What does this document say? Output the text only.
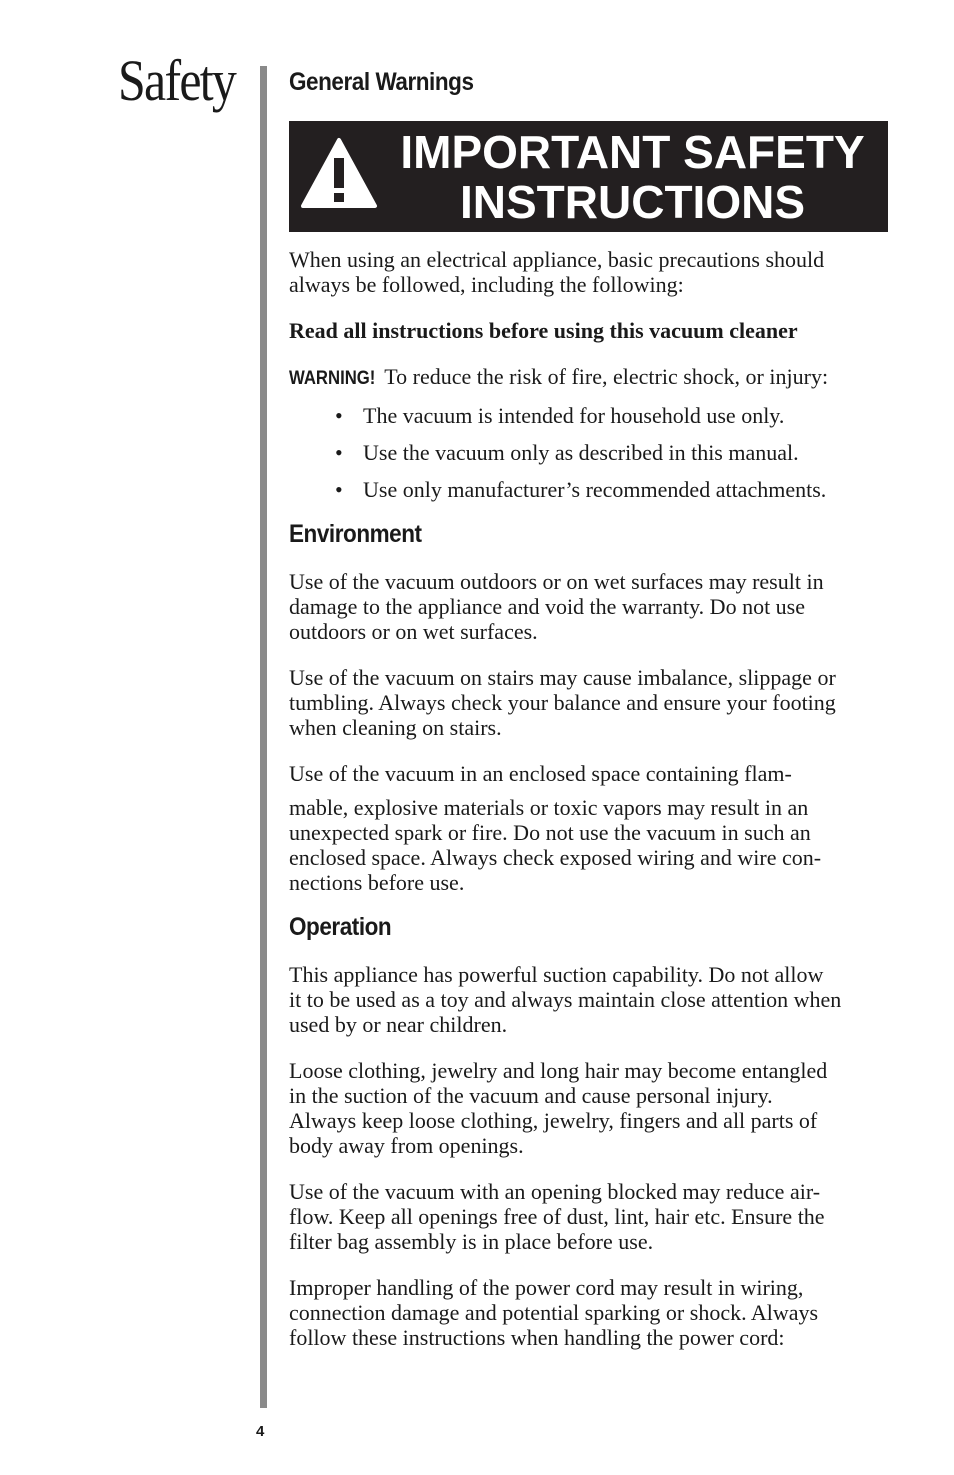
Safety
4
General Warnings
IMPORTANT SAFETY
INSTRUCTIONS

When using an electrical appliance, basic precautions should
always be followed, including the following:

Read all instructions before using this vacuum cleaner

WARNING! To reduce the risk of fire, electric shock, or injury:

• The vacuum is intended for household use only.
• Use the vacuum only as described in this manual.
• Use only manufacturer’s recommended attachments.
Environment

Use of the vacuum outdoors or on wet surfaces may result in
damage to the appliance and void the warranty. Do not use
outdoors or on wet surfaces.

Use of the vacuum on stairs may cause imbalance, slippage or
tumbling. Always check your balance and ensure your footing
when cleaning on stairs.

Use of the vacuum in an enclosed space containing flam-

mable, explosive materials or toxic vapors may result in an
unexpected spark or fire. Do not use the vacuum in such an
enclosed space. Always check exposed wiring and wire con-
nections before use.

Operation

This appliance has powerful suction capability. Do not allow
it to be used as a toy and always maintain close attention when
used by or near children.

Loose clothing, jewelry and long hair may become entangled
in the suction of the vacuum and cause personal injury.
Always keep loose clothing, jewelry, fingers and all parts of
body away from openings.

Use of the vacuum with an opening blocked may reduce air-
flow. Keep all openings free of dust, lint, hair etc. Ensure the
filter bag assembly is in place before use.

Improper handling of the power cord may result in wiring,
connection damage and potential sparking or shock. Always
follow these instructions when handling the power cord:
